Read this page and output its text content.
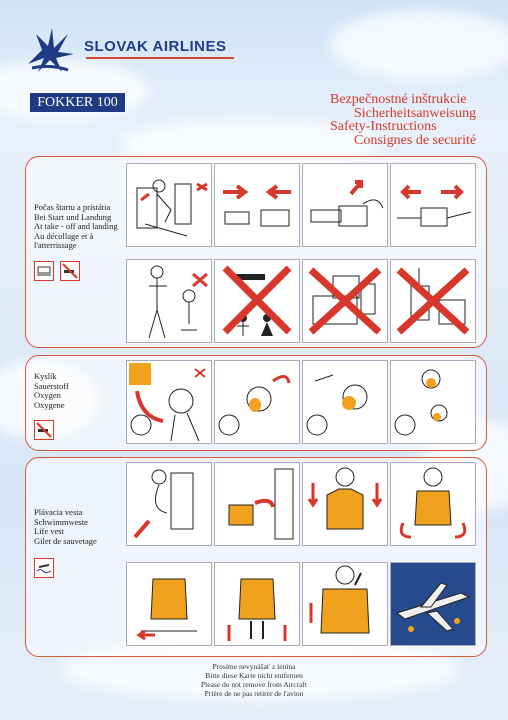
SLOVAK AIRLINES
FOKKER 100	Bezpečnostné inštrukcie
Sicherheitsanweisung
Safety-Instructions
Consignes de securité
Počas štartu a pristátia
Bei Start und Landung
At take - off and landing
Au décollage et à
l'atterrissage
Kyslík
Sauerstoff
Oxygen
Oxygene
Plávacia vesta
Schwimmweste
Life vest
Gilet de sauvetage
Prosíme nevynášať z letúna
Bitte diese Karte nicht entfernen
Please do not remove from Aircraft
Prière de ne pas retirer de l'avion
